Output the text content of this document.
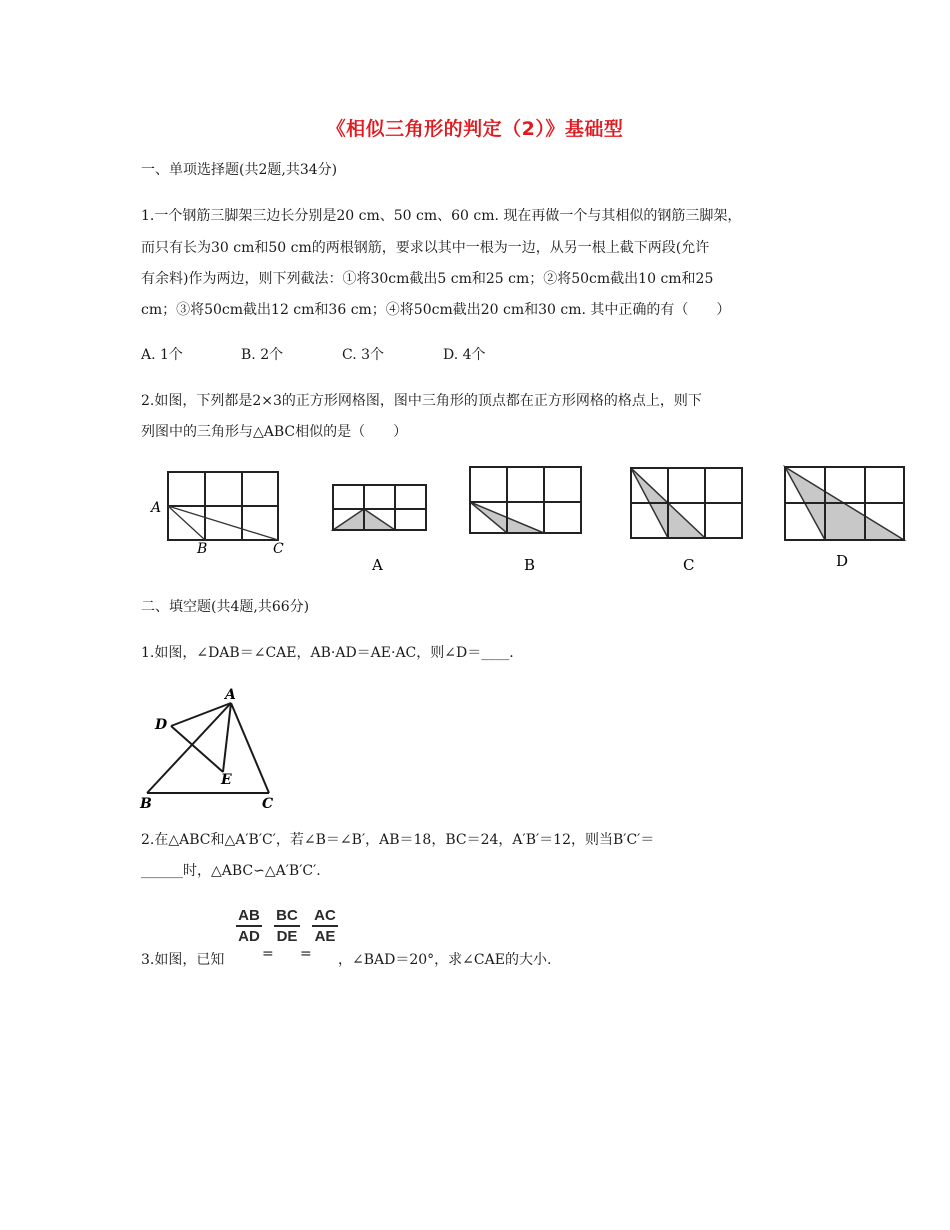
《相似三角形的判定（2）》基础型
一、单项选择题(共2题,共34分)
1.一个钢筋三脚架三边长分别是20 cm、50 cm、60 cm. 现在再做一个与其相似的钢筋三脚架，
而只有长为30 cm和50 cm的两根钢筋，要求以其中一根为一边，从另一根上截下两段(允许
有余料)作为两边，则下列截法：①将30cm截出5 cm和25 cm；②将50cm截出10 cm和25
cm；③将50cm截出12 cm和36 cm；④将50cm截出20 cm和30 cm. 其中正确的有（　　）
A. 1个	B. 2个	C. 3个	D. 4个
2.如图，下列都是2×3的正方形网格图，图中三角形的顶点都在正方形网格的格点上，则下
列图中的三角形与△ABC相似的是（　　）
A
B	C
A	B	C	D
二、填空题(共4题,共66分)
1.如图，∠DAB＝∠CAE，AB·AD＝AE·AC，则∠D＝____.
A
B	C
D
E
2.在△ABC和△A′B′C′，若∠B＝∠B′，AB＝18，BC＝24，A′B′＝12，则当B′C′＝
______时，△ABC∽△A′B′C′.
3.如图，已知
$\frac{AB}{AD}$
=
$\frac{BC}{DE}$
=
$\frac{AC}{AE}$
，∠BAD＝20°，求∠CAE的大小.
